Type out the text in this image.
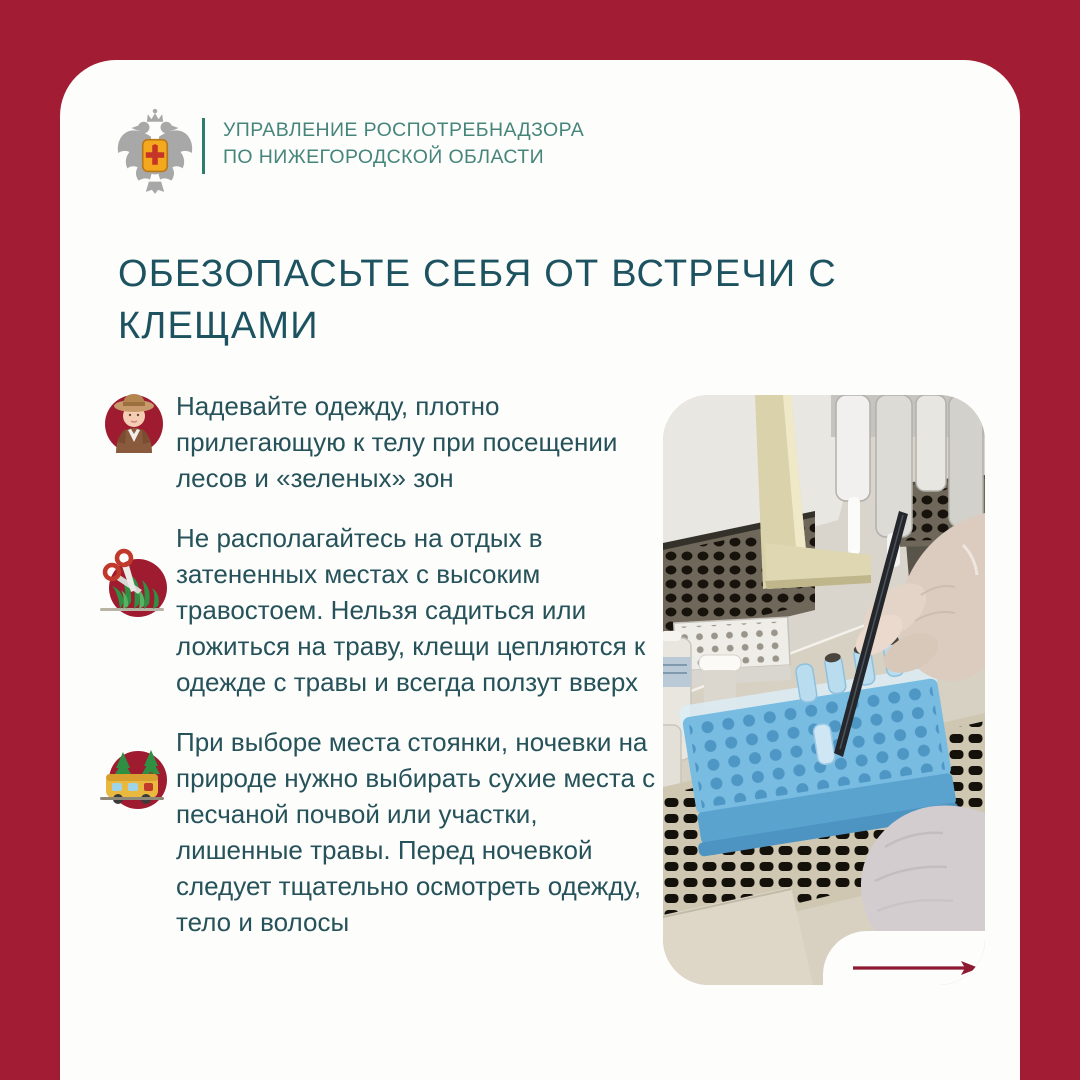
УПРАВЛЕНИЕ РОСПОТРЕБНАДЗОРА
ПО НИЖЕГОРОДСКОЙ ОБЛАСТИ
ОБЕЗОПАСЬТЕ СЕБЯ ОТ ВСТРЕЧИ С КЛЕЩАМИ
Надевайте одежду, плотно прилегающую к телу при посещении лесов и «зеленых» зон
Не располагайтесь на отдых в затененных местах с высоким травостоем. Нельзя садиться или ложиться на траву, клещи цепляются к одежде с травы и всегда ползут вверх
При выборе места стоянки, ночевки на природе нужно выбирать сухие места с песчаной почвой или участки, лишенные травы. Перед ночевкой следует тщательно осмотреть одежду, тело и волосы
